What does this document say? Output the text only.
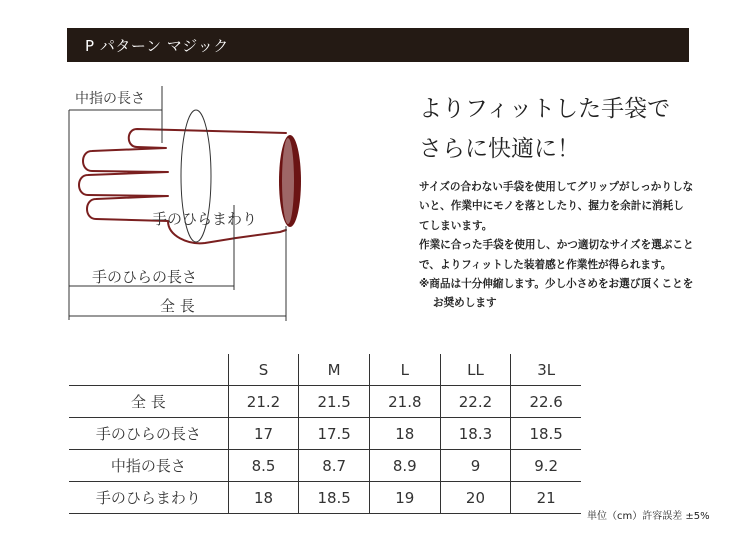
P パターン マジック
中指の長さ
手のひらまわり
手のひらの長さ
全 長
よりフィットした手袋で
さらに快適に！

サイズの合わない手袋を使用してグリップがしっかりしないと、作業中にモノを落としたり、握力を余計に消耗してしまいます。

作業に合った手袋を使用し、かつ適切なサイズを選ぶことで、よりフィットした装着感と作業性が得られます。

※商品は十分伸縮します。少し小さめをお選び頂くことをお奨めします

	S	M	L	LL	3L
全 長	21.2	21.5	21.8	22.2	22.6
手のひらの長さ	17	17.5	18	18.3	18.5
中指の長さ	8.5	8.7	8.9	9	9.2
手のひらまわり	18	18.5	19	20	21
単位（cm）許容誤差 ±5%
